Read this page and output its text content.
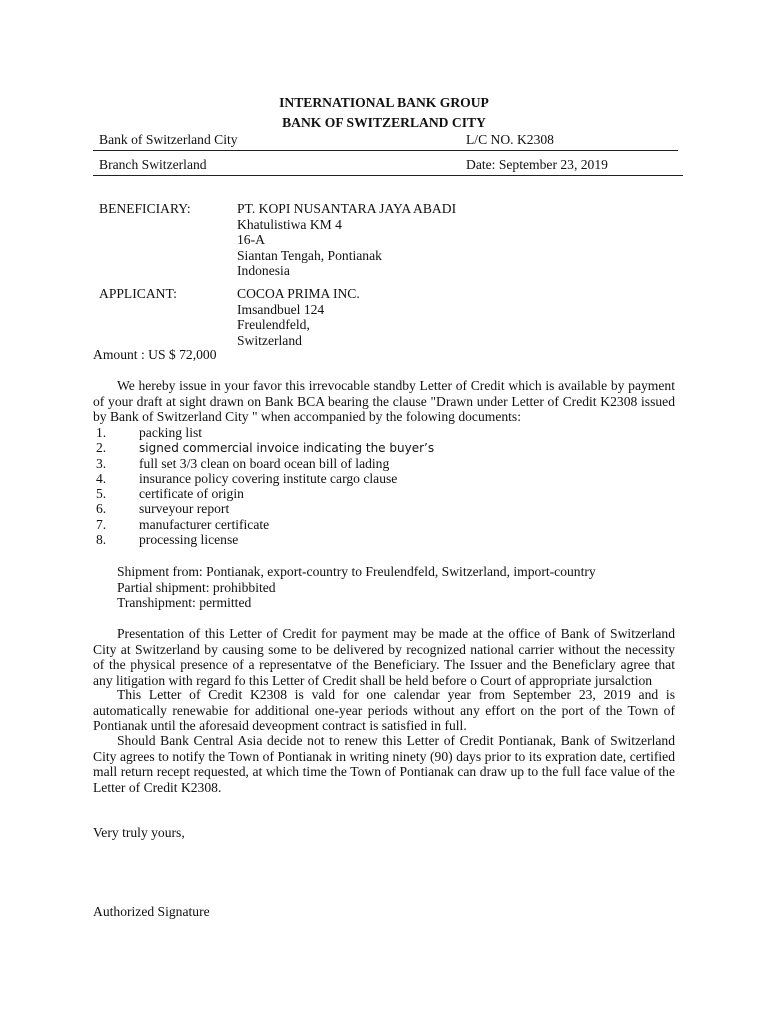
INTERNATIONAL BANK GROUP
BANK OF SWITZERLAND CITY
Bank of Switzerland City	L/C NO. K2308
Branch Switzerland	Date: September 23, 2019
BENEFICIARY:	PT. KOPI NUSANTARA JAYA ABADI
Khatulistiwa KM 4
16-A
Siantan Tengah, Pontianak
Indonesia
APPLICANT:	COCOA PRIMA INC.
Imsandbuel 124
Freulendfeld,
Switzerland
Amount : US $ 72,000
We hereby issue in your favor this irrevocable standby Letter of Credit which is available by payment of your draft at sight drawn on Bank BCA bearing the clause "Drawn under Letter of Credit K2308 issued by Bank of Switzerland City " when accompanied by the folowing documents:
1. packing list
2.	signed commercial invoice indicating the buyer’s
3. full set 3/3 clean on board ocean bill of lading
4. insurance policy covering institute cargo clause
5. certificate of origin
6. surveyour report
7. manufacturer certificate
8. processing license
Shipment from: Pontianak, export-country to Freulendfeld, Switzerland, import-country
Partial shipment: prohibbited
Transhipment: permitted
Presentation of this Letter of Credit for payment may be made at the office of Bank of Switzerland City at Switzerland by causing some to be delivered by recognized national carrier without the necessity of the physical presence of a representatve of the Beneficiary. The Issuer and the Beneficlary agree that any litigation with regard fo this Letter of Credit shall be held before o Court of appropriate jursalction
This Letter of Credit K2308 is vald for one calendar year from September 23, 2019 and is automatically renewabie for additional one-year periods without any effort on the port of the Town of Pontianak until the aforesaid deveopment contract is satisfied in full.
Should Bank Central Asia decide not to renew this Letter of Credit Pontianak, Bank of Switzerland City agrees to notify the Town of Pontianak in writing ninety (90) days prior to its expration date, certified mall return recept requested, at which time the Town of Pontianak can draw up to the full face value of the Letter of Credit K2308.
Very truly yours,
Authorized Signature
